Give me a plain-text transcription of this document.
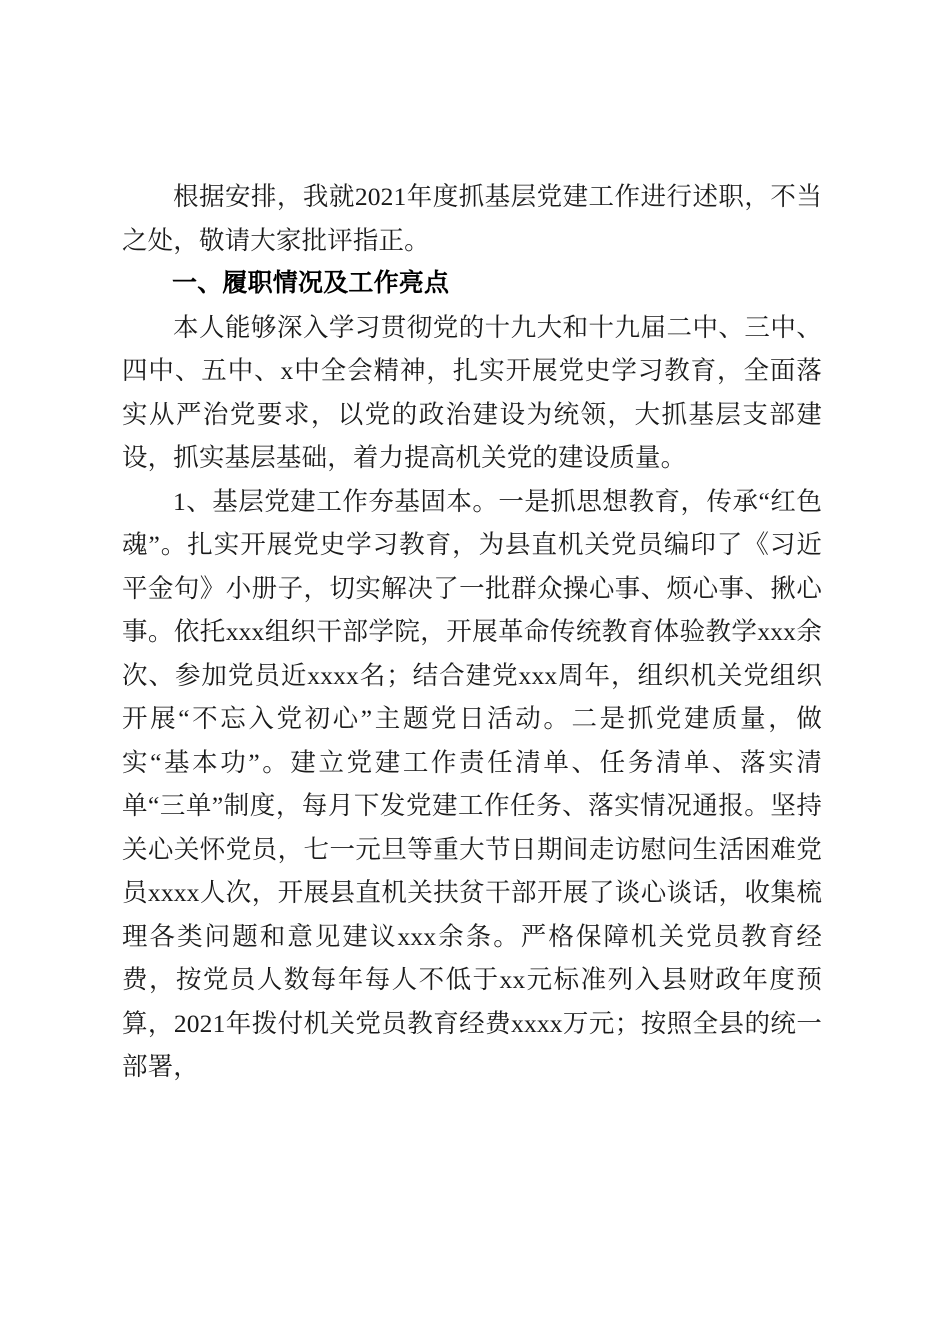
根据安排，我就2021年度抓基层党建工作进行述职，不当之处，敬请大家批评指正。

一、履职情况及工作亮点

本人能够深入学习贯彻党的十九大和十九届二中、三中、四中、五中、x中全会精神，扎实开展党史学习教育，全面落实从严治党要求，以党的政治建设为统领，大抓基层支部建设，抓实基层基础，着力提高机关党的建设质量。

1、基层党建工作夯基固本。一是抓思想教育，传承“红色魂”。扎实开展党史学习教育，为县直机关党员编印了《习近平金句》小册子，切实解决了一批群众操心事、烦心事、揪心事。依托xxx组织干部学院，开展革命传统教育体验教学xxx余次、参加党员近xxxx名；结合建党xxx周年，组织机关党组织开展“不忘入党初心”主题党日活动。二是抓党建质量，做实“基本功”。建立党建工作责任清单、任务清单、落实清单“三单”制度，每月下发党建工作任务、落实情况通报。坚持关心关怀党员，七一元旦等重大节日期间走访慰问生活困难党员xxxx人次，开展县直机关扶贫干部开展了谈心谈话，收集梳理各类问题和意见建议xxx余条。严格保障机关党员教育经费，按党员人数每年每人不低于xx元标准列入县财政年度预算，2021年拨付机关党员教育经费xxxx万元；按照全县的统一部署，
